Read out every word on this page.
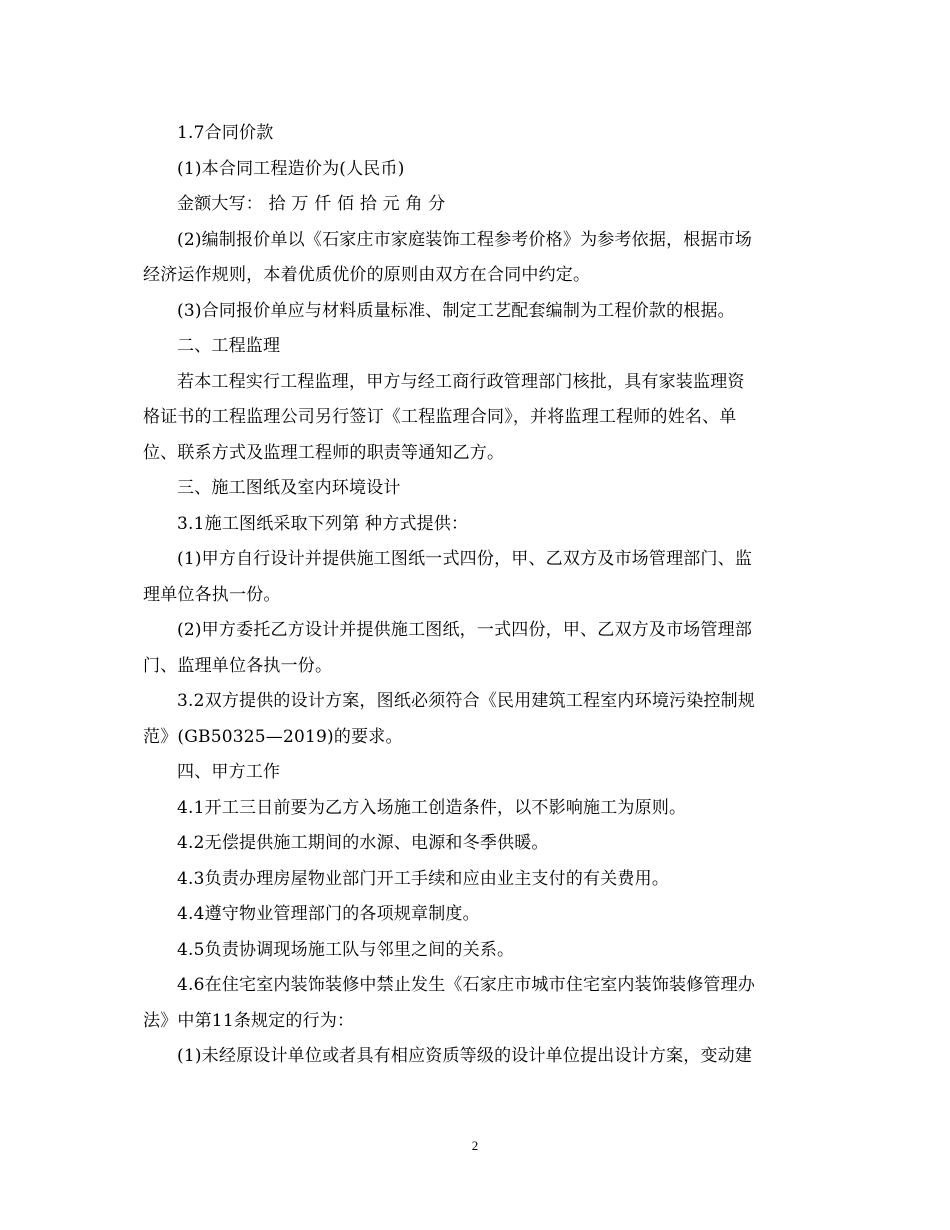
1.7合同价款
(1)本合同工程造价为(人民币)
金额大写： 拾 万 仟 佰 拾 元 角 分
(2)编制报价单以《石家庄市家庭装饰工程参考价格》为参考依据，根据市场
经济运作规则，本着优质优价的原则由双方在合同中约定。
(3)合同报价单应与材料质量标准、制定工艺配套编制为工程价款的根据。
二、工程监理
若本工程实行工程监理，甲方与经工商行政管理部门核批，具有家装监理资
格证书的工程监理公司另行签订《工程监理合同》，并将监理工程师的姓名、单
位、联系方式及监理工程师的职责等通知乙方。
三、施工图纸及室内环境设计
3.1施工图纸采取下列第 种方式提供：
(1)甲方自行设计并提供施工图纸一式四份，甲、乙双方及市场管理部门、监
理单位各执一份。
(2)甲方委托乙方设计并提供施工图纸，一式四份，甲、乙双方及市场管理部
门、监理单位各执一份。
3.2双方提供的设计方案，图纸必须符合《民用建筑工程室内环境污染控制规
范》(GB50325—2019)的要求。
四、甲方工作
4.1开工三日前要为乙方入场施工创造条件，以不影响施工为原则。
4.2无偿提供施工期间的水源、电源和冬季供暖。
4.3负责办理房屋物业部门开工手续和应由业主支付的有关费用。
4.4遵守物业管理部门的各项规章制度。
4.5负责协调现场施工队与邻里之间的关系。
4.6在住宅室内装饰装修中禁止发生《石家庄市城市住宅室内装饰装修管理办
法》中第11条规定的行为：
(1)未经原设计单位或者具有相应资质等级的设计单位提出设计方案，变动建
2
